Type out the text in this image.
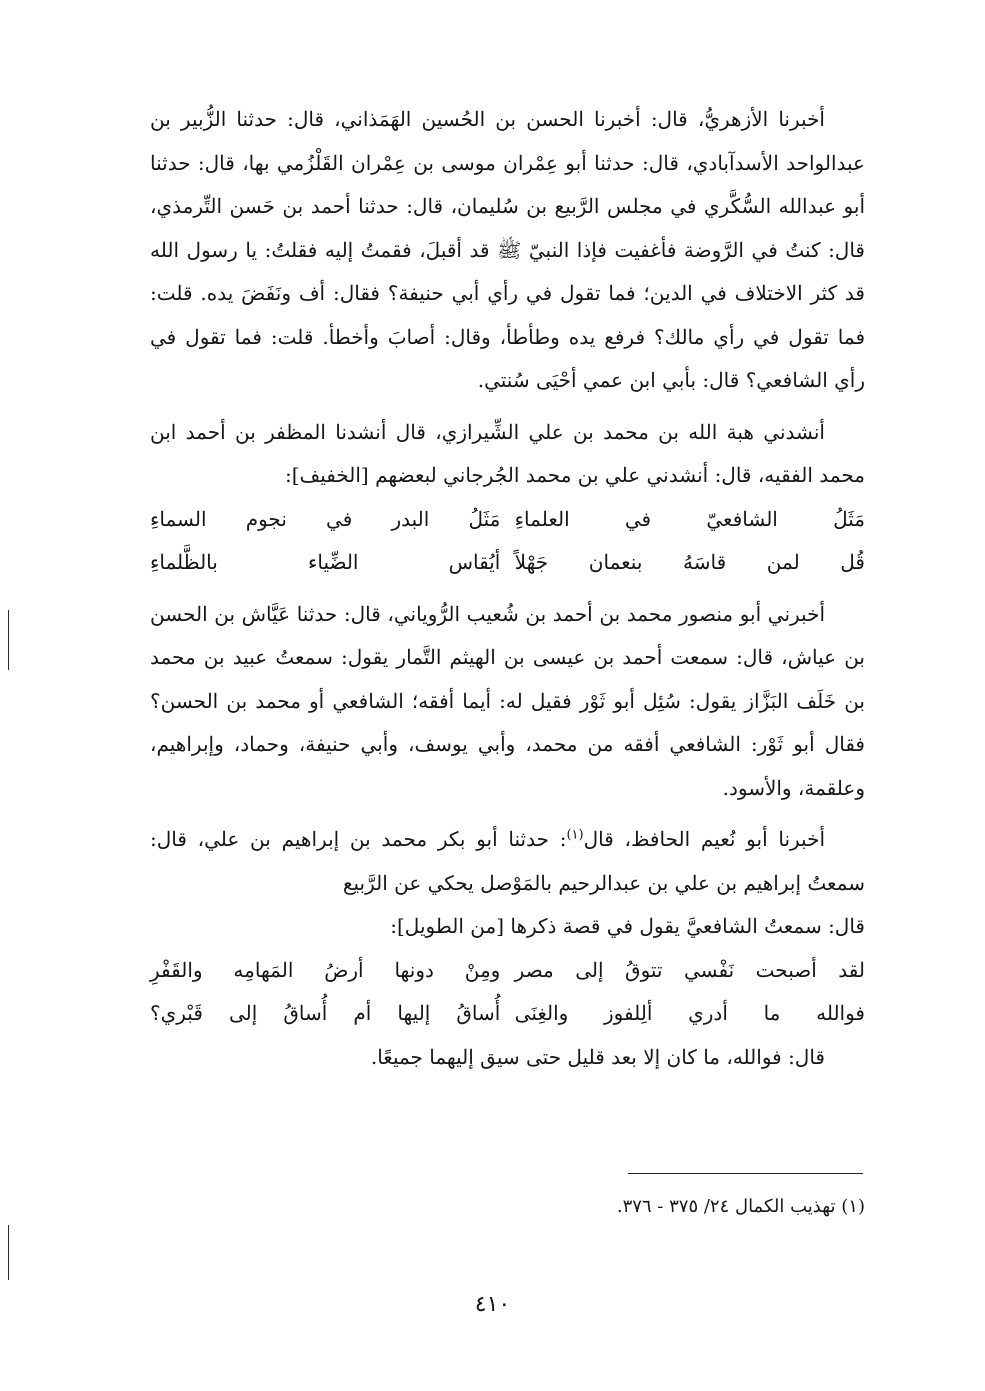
أخبرنا الأزهريُّ، قال: أخبرنا الحسن بن الحُسين الهَمَذاني، قال: حدثنا الزُّبير بن عبدالواحد الأسدآبادي، قال: حدثنا أبو عِمْران موسى بن عِمْران القَلْزُمي بها، قال: حدثنا أبو عبدالله السُّكَّري في مجلس الرَّبيع بن سُليمان، قال: حدثنا أحمد بن حَسن التِّرمذي، قال: كنتُ في الرَّوضة فأغفيت فإذا النبيّ ﷺ قد أقبلَ، فقمتُ إليه فقلتُ: يا رسول الله قد كثر الاختلاف في الدين؛ فما تقول في رأي أبي حنيفة؟ فقال: أف ونَفَضَ يده. قلت: فما تقول في رأي مالك؟ فرفع يده وطأطأ، وقال: أصابَ وأخطأ. قلت: فما تقول في رأي الشافعي؟ قال: بأبي ابن عمي أحْيَى سُنتي.

أنشدني هبة الله بن محمد بن علي الشِّيرازي، قال أنشدنا المظفر بن أحمد ابن محمد الفقيه، قال: أنشدني علي بن محمد الجُرجاني لبعضهم [الخفيف]:

مَثَلُ الشافعيّ في العلماءِ
مَثَلُ البدر في نجوم السماءِ
قُل لمن قاسَهُ بنعمان جَهْلاً
أيُقاس الضِّياء بالظَّلماءِ

أخبرني أبو منصور محمد بن أحمد بن شُعيب الرُّوياني، قال: حدثنا عَيَّاش بن الحسن بن عياش، قال: سمعت أحمد بن عيسى بن الهيثم التَّمار يقول: سمعتُ عبيد بن محمد بن خَلَف البَزَّاز يقول: سُئِل أبو ثَوْر فقيل له: أيما أفقه؛ الشافعي أو محمد بن الحسن؟ فقال أبو ثَوْر: الشافعي أفقه من محمد، وأبي يوسف، وأبي حنيفة، وحماد، وإبراهيم، وعلقمة، والأسود.

أخبرنا أبو نُعيم الحافظ، قال$^{(١)}$: حدثنا أبو بكر محمد بن إبراهيم بن علي، قال: سمعتُ إبراهيم بن علي بن عبدالرحيم بالمَوْصل يحكي عن الرَّبيع

قال: سمعتُ الشافعيَّ يقول في قصة ذكرها [من الطويل]:

لقد أصبحت نَفْسي تتوقُ إلى مصر
ومِنْ دونها أرضُ المَهامِه والقَفْرِ
فوالله ما أدري ألِلفوز والغِنَى
أُساقُ إليها أم أُساقُ إلى قَبْري؟

قال: فوالله، ما كان إلا بعد قليل حتى سيق إليهما جميعًا.

(١) تهذيب الكمال ٢٤/ ٣٧٥ - ٣٧٦.

٤١٠
